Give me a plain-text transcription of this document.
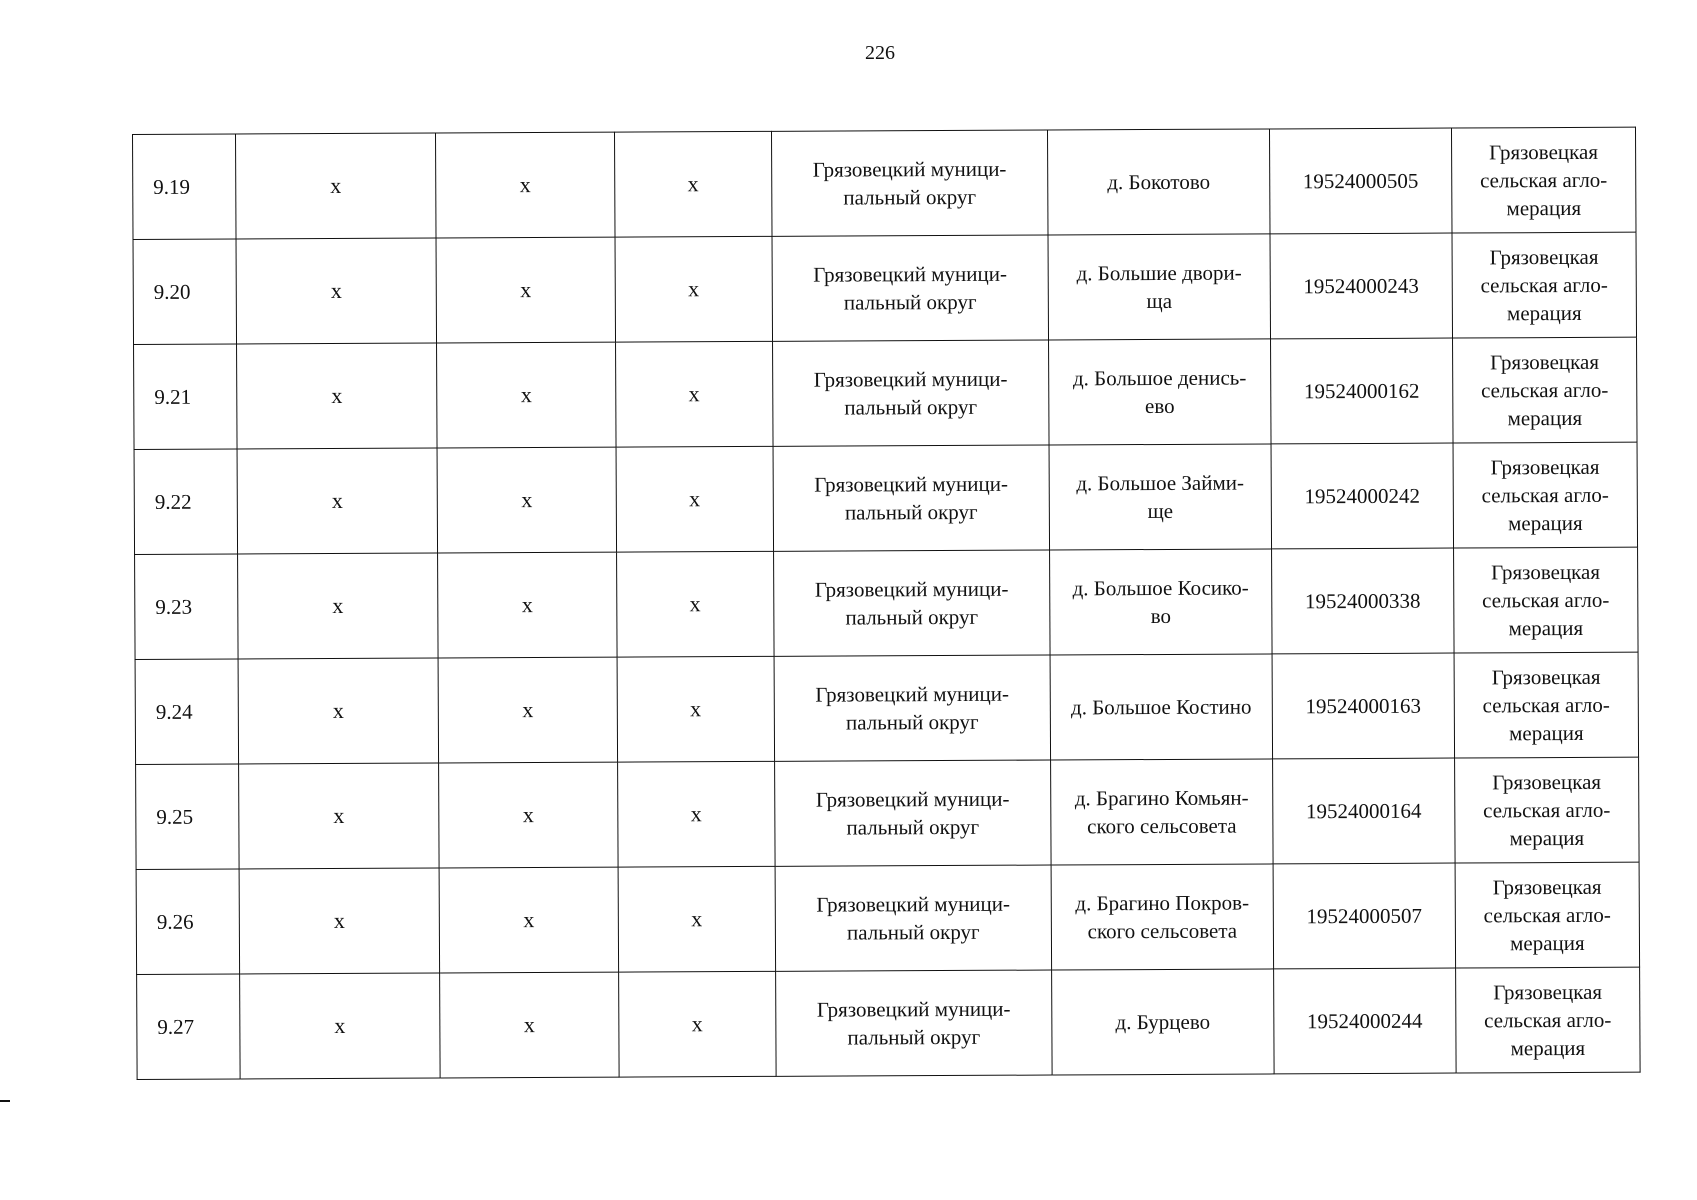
226
9.19	x	x	x	Грязовецкий муници-
пальный округ	д. Бокотово	19524000505	Грязовецкая
сельская агло-
мерация
9.20	x	x	x	Грязовецкий муници-
пальный округ	д. Большие двори-
ща	19524000243	Грязовецкая
сельская агло-
мерация
9.21	x	x	x	Грязовецкий муници-
пальный округ	д. Большое денись-
ево	19524000162	Грязовецкая
сельская агло-
мерация
9.22	x	x	x	Грязовецкий муници-
пальный округ	д. Большое Займи-
ще	19524000242	Грязовецкая
сельская агло-
мерация
9.23	x	x	x	Грязовецкий муници-
пальный округ	д. Большое Косико-
во	19524000338	Грязовецкая
сельская агло-
мерация
9.24	x	x	x	Грязовецкий муници-
пальный округ	д. Большое Костино	19524000163	Грязовецкая
сельская агло-
мерация
9.25	x	x	x	Грязовецкий муници-
пальный округ	д. Брагино Комьян-
ского сельсовета	19524000164	Грязовецкая
сельская агло-
мерация
9.26	x	x	x	Грязовецкий муници-
пальный округ	д. Брагино Покров-
ского сельсовета	19524000507	Грязовецкая
сельская агло-
мерация
9.27	x	x	x	Грязовецкий муници-
пальный округ	д. Бурцево	19524000244	Грязовецкая
сельская агло-
мерация
